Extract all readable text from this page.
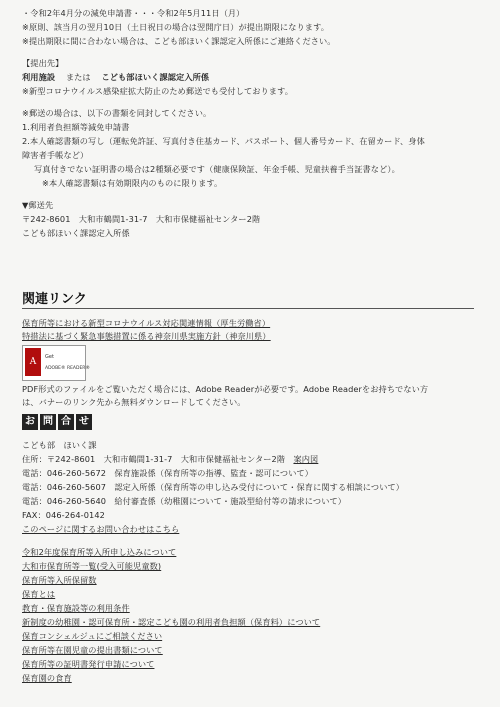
・令和2年4月分の減免申請書・・・令和2年5月11日（月）
※原則、該当月の翌月10日（土日祝日の場合は翌開庁日）が提出期限になります。
※提出期限に間に合わない場合は、こども部ほいく課認定入所係にご連絡ください。
【提出先】
利用施設 または こども部ほいく課認定入所係
※新型コロナウイルス感染症拡大防止のため郵送でも受付しております。
※郵送の場合は、以下の書類を同封してください。
1.利用者負担額等減免申請書
2.本人確認書類の写し（運転免許証、写真付き住基カード、パスポート、個人番号カード、在留カード、身体
障害者手帳など）
写真付きでない証明書の場合は2種類必要です（健康保険証、年金手帳、児童扶養手当証書など）。
※本人確認書類は有効期限内のものに限ります。
▼郵送先
〒242-8601　大和市鶴間1-31-7　大和市保健福祉センター2階
こども部ほいく課認定入所係
関連リンク
保育所等における新型コロナウイルス対応関連情報（厚生労働省）
特措法に基づく緊急事態措置に係る神奈川県実施方針（神奈川県）
A	Get
ADOBE® READER®
PDF形式のファイルをご覧いただく場合には、Adobe Readerが必要です。Adobe Readerをお持ちでない方
は、バナーのリンク先から無料ダウンロードしてください。
お 問 合 せ
こども部　ほいく課
住所：〒242-8601　大和市鶴間1-31-7　大和市保健福祉センター2階　案内図
電話：046-260-5672　保育施設係（保育所等の指導、監査・認可について）
電話：046-260-5607　認定入所係（保育所等の申し込み受付について・保育に関する相談について）
電話：046-260-5640　給付審査係（幼稚園について・施設型給付等の請求について）
FAX：046-264-0142
このページに関するお問い合わせはこちら
令和2年度保育所等入所申し込みについて
大和市保育所等一覧(受入可能児童数)
保育所等入所保留数
保育とは
教育・保育施設等の利用条件
新制度の幼稚園・認可保育所・認定こども園の利用者負担額（保育料）について
保育コンシェルジュにご相談ください
保育所等在園児童の提出書類について
保育所等の証明書発行申請について
保育園の食育
